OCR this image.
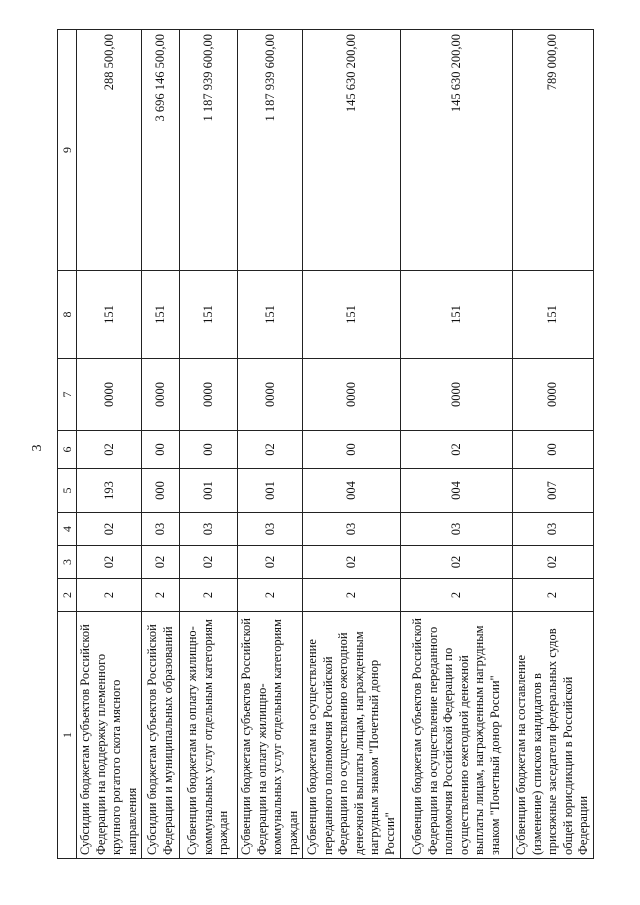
3
1	2	3	4	5	6	7	8	9
Субсидии бюджетам субъектов Российской Федерации на поддержку племенного крупного рогатого скота мясного направления	2	02	02	193	02	0000	151	288 500,00
Субсидии бюджетам субъектов Российской Федерации и муниципальных образований	2	02	03	000	00	0000	151	3 696 146 500,00
Субвенции бюджетам на оплату жилищно-коммунальных услуг отдельным категориям граждан	2	02	03	001	00	0000	151	1 187 939 600,00
Субвенции бюджетам субъектов Российской Федерации на оплату жилищно-коммунальных услуг отдельным категориям граждан	2	02	03	001	02	0000	151	1 187 939 600,00
Субвенции бюджетам на осуществление переданного полномочия Российской Федерации по осуществлению ежегодной денежной выплаты лицам, награжденным нагрудным знаком "Почетный донор России"	2	02	03	004	00	0000	151	145 630 200,00
Субвенции бюджетам субъектов Российской Федерации на осуществление переданного полномочия Российской Федерации по осуществлению ежегодной денежной выплаты лицам, награжденным нагрудным знаком "Почетный донор России"	2	02	03	004	02	0000	151	145 630 200,00
Субвенции бюджетам на составление (изменение) списков кандидатов в присяжные заседатели федеральных судов общей юрисдикции в Российской Федерации	2	02	03	007	00	0000	151	789 000,00
